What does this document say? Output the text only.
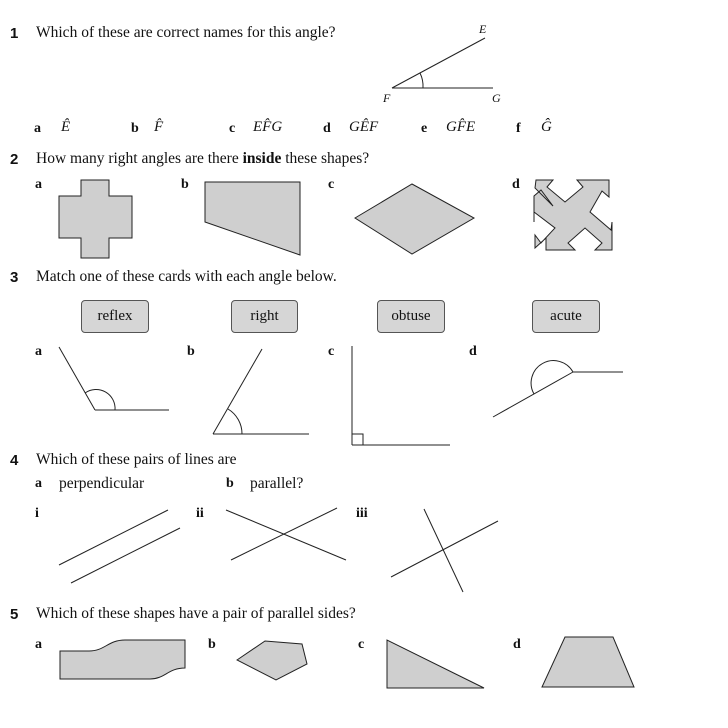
1 Which of these are correct names for this angle?	E
F	G
a Ê	b F̂	c EF̂G	d GÊF	e GF̂E	f Ĝ
2 How many right angles are there inside these shapes?
a	b	c	d
3 Match one of these cards with each angle below.
reflex	right	obtuse	acute
a	b	c	d
4 Which of these pairs of lines are
a perpendicular	b parallel?
i	ii	iii
5 Which of these shapes have a pair of parallel sides?
a	b	c	d
